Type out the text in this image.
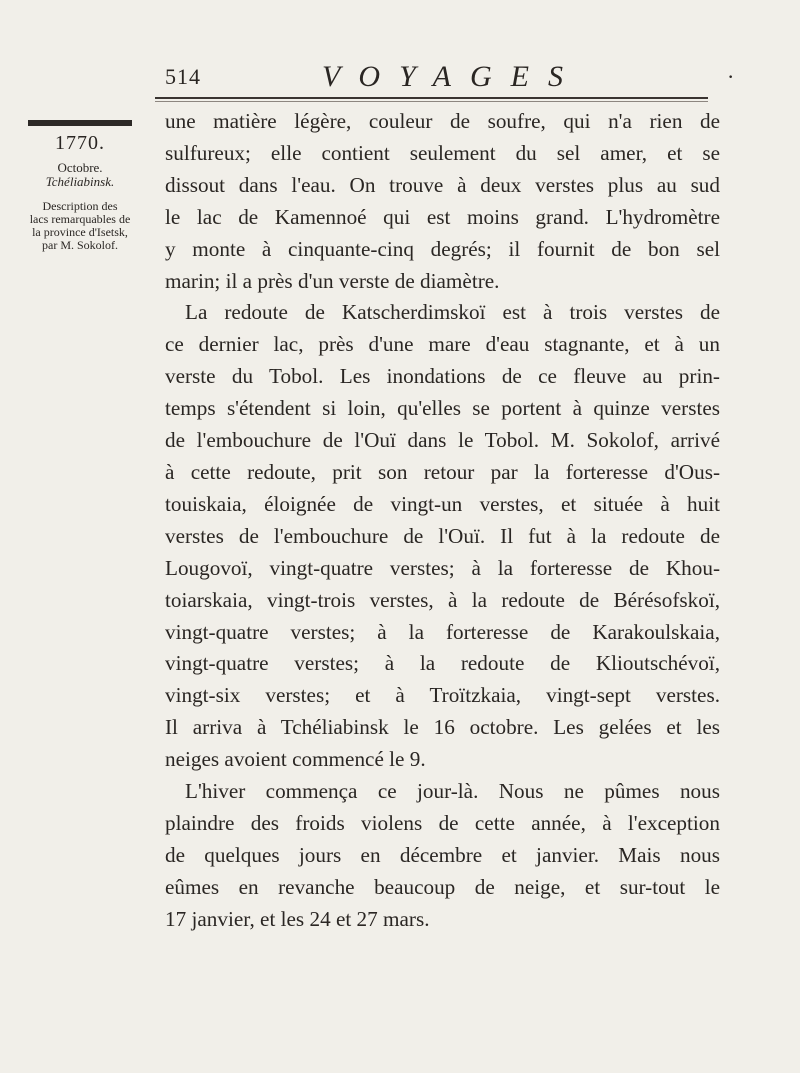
514	VOYAGES	·
1770.
Octobre.
Tchéliabinsk.
Description des
lacs remarquables de
la province d'Isetsk,
par M. Sokolof.
une matière légère, couleur de soufre, qui n'a rien de
sulfureux; elle contient seulement du sel amer, et se
dissout dans l'eau. On trouve à deux verstes plus au sud
le lac de Kamennoé qui est moins grand. L'hydromètre
y monte à cinquante-cinq degrés; il fournit de bon sel
marin; il a près d'un verste de diamètre.
La redoute de Katscherdimskoï est à trois verstes de
ce dernier lac, près d'une mare d'eau stagnante, et à un
verste du Tobol. Les inondations de ce fleuve au prin-
temps s'étendent si loin, qu'elles se portent à quinze verstes
de l'embouchure de l'Ouï dans le Tobol. M. Sokolof, arrivé
à cette redoute, prit son retour par la forteresse d'Ous-
touiskaia, éloignée de vingt-un verstes, et située à huit
verstes de l'embouchure de l'Ouï. Il fut à la redoute de
Lougovoï, vingt-quatre verstes; à la forteresse de Khou-
toiarskaia, vingt-trois verstes, à la redoute de Bérésofskoï,
vingt-quatre verstes; à la forteresse de Karakoulskaia,
vingt-quatre verstes; à la redoute de Klioutschévoï,
vingt-six verstes; et à Troïtzkaia, vingt-sept verstes.
Il arriva à Tchéliabinsk le 16 octobre. Les gelées et les
neiges avoient commencé le 9.
L'hiver commença ce jour-là. Nous ne pûmes nous
plaindre des froids violens de cette année, à l'exception
de quelques jours en décembre et janvier. Mais nous
eûmes en revanche beaucoup de neige, et sur-tout le
17 janvier, et les 24 et 27 mars.
